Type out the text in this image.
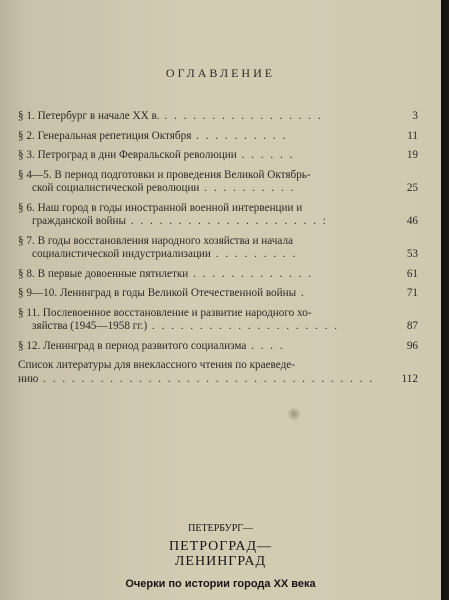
ОГЛАВЛЕНИЕ
§ 1. Петербург в начале XX в. . . . . . . . . . . . . . . . . .	3
§ 2. Генеральная репетиция Октября . . . . . . . . . .	11
§ 3. Петроград в дни Февральской революции . . . . . .	19
§ 4—5. В период подготовки и проведения Великой Октябрь-
ской социалистической революции . . . . . . . . . .	25
§ 6. Наш город в годы иностранной военной интервенции и
гражданской войны . . . . . . . . . . . . . . . . . . . . :	46
§ 7. В годы восстановления народного хозяйства и начала
социалистической индустриализации . . . . . . . . .	53
§ 8. В первые довоенные пятилетки . . . . . . . . . . . . .	61
§ 9—10. Ленинград в годы Великой Отечественной войны .	71
§ 11. Послевоенное восстановление и развитие народного хо-
зяйства (1945—1958 гг.) . . . . . . . . . . . . . . . . . . . .	87
§ 12. Ленинград в период развитого социализма . . . .	96
Список литературы для внеклассного чтения по краеведе-
нию . . . . . . . . . . . . . . . . . . . . . . . . . . . . . . . . . . .	112
ПЕТЕРБУРГ—
ПЕТРОГРАД—
ЛЕНИНГРАД
Очерки по истории города XX века
